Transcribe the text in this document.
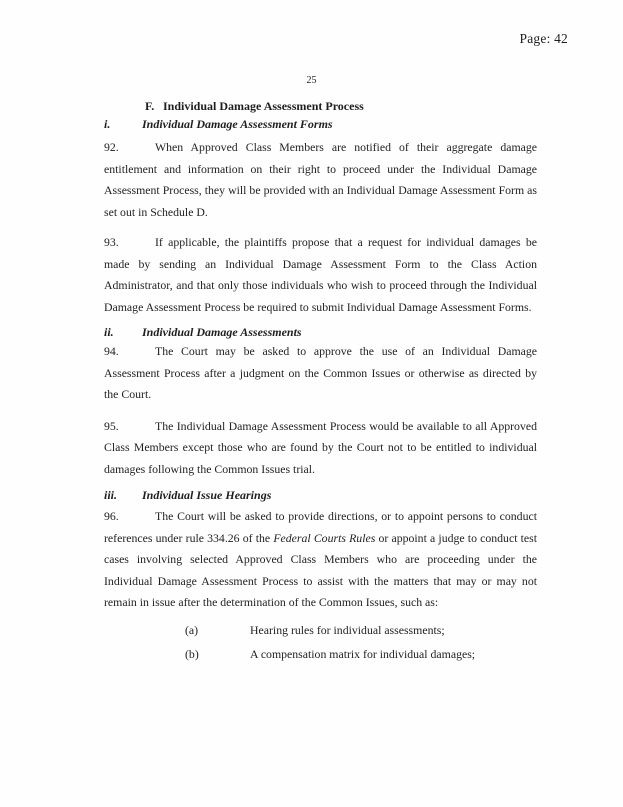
Page: 42
25

F. Individual Damage Assessment Process

i.	Individual Damage Assessment Forms

92.	When Approved Class Members are notified of their aggregate damage entitlement and information on their right to proceed under the Individual Damage Assessment Process, they will be provided with an Individual Damage Assessment Form as set out in Schedule D.

93.	If applicable, the plaintiffs propose that a request for individual damages be made by sending an Individual Damage Assessment Form to the Class Action Administrator, and that only those individuals who wish to proceed through the Individual Damage Assessment Process be required to submit Individual Damage Assessment Forms.

ii. Individual Damage Assessments

94.	The Court may be asked to approve the use of an Individual Damage Assessment Process after a judgment on the Common Issues or otherwise as directed by the Court.

95.	The Individual Damage Assessment Process would be available to all Approved Class Members except those who are found by the Court not to be entitled to individual damages following the Common Issues trial.

iii. Individual Issue Hearings

96.	The Court will be asked to provide directions, or to appoint persons to conduct references under rule 334.26 of the Federal Courts Rules or appoint a judge to conduct test cases involving selected Approved Class Members who are proceeding under the Individual Damage Assessment Process to assist with the matters that may or may not remain in issue after the determination of the Common Issues, such as:

(a)	Hearing rules for individual assessments;
(b)	A compensation matrix for individual damages;
